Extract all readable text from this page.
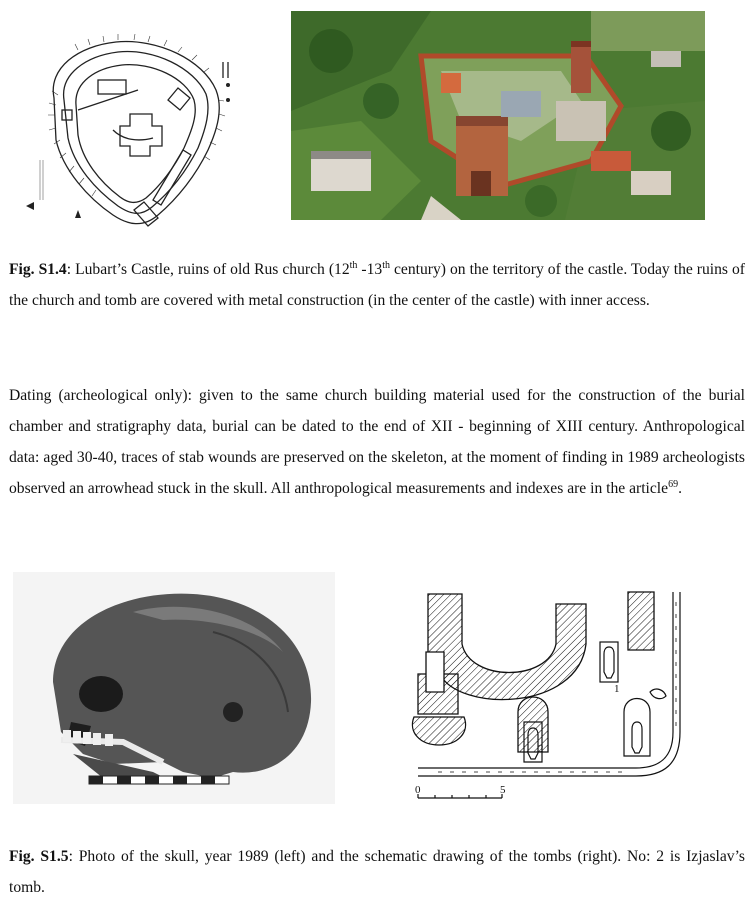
Fig. S1.4: Lubart’s Castle, ruins of old Rus church (12th -13th century) on the territory of the castle. Today the ruins of the church and tomb are covered with metal construction (in the center of the castle) with inner access.

Dating (archeological only): given to the same church building material used for the construction of the burial chamber and stratigraphy data, burial can be dated to the end of XII - beginning of XIII century. Anthropological data: aged 30-40, traces of stab wounds are preserved on the skeleton, at the moment of finding in 1989 archeologists observed an arrowhead stuck in the skull. All anthropological measurements and indexes are in the article$^{69}$.

1
2
0	5

Fig. S1.5: Photo of the skull, year 1989 (left) and the schematic drawing of the tombs (right). No: 2 is Izjaslav’s tomb.
